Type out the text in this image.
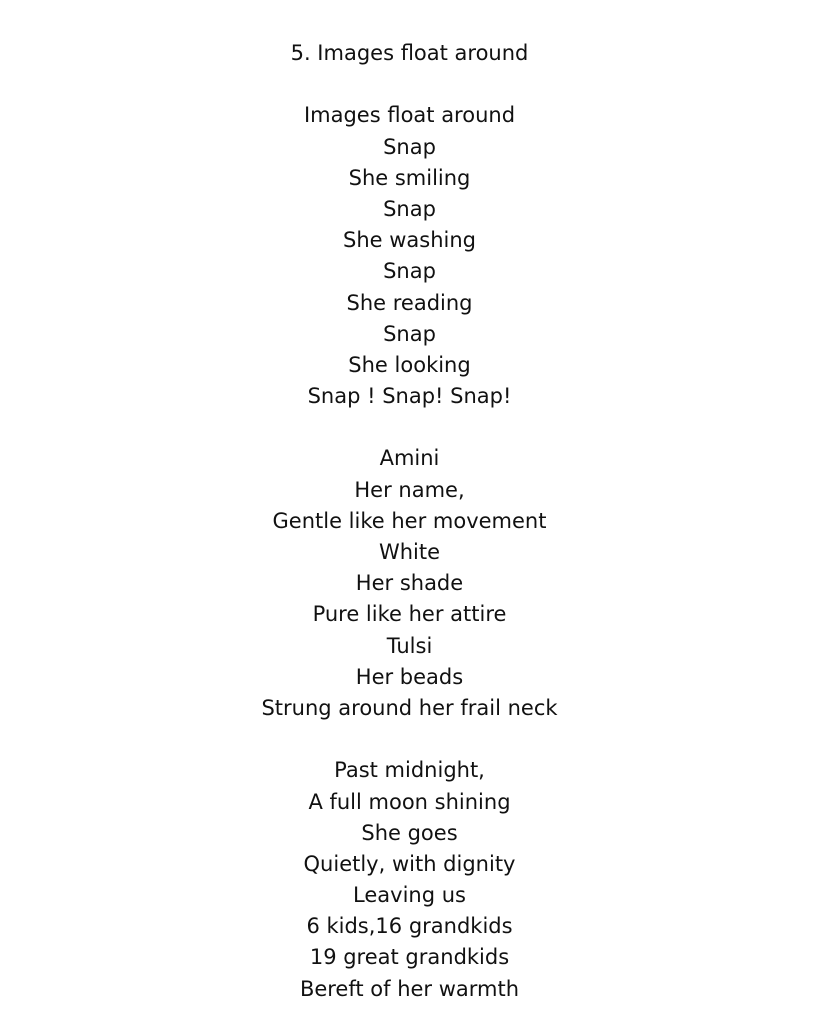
5. Images float around
Images float around
Snap
She smiling
Snap
She washing
Snap
She reading
Snap
She looking
Snap ! Snap! Snap!
Amini
Her name,
Gentle like her movement
White
Her shade
Pure like her attire
Tulsi
Her beads
Strung around her frail neck
Past midnight,
A full moon shining
She goes
Quietly, with dignity
Leaving us
6 kids,16 grandkids
19 great grandkids
Bereft of her warmth
